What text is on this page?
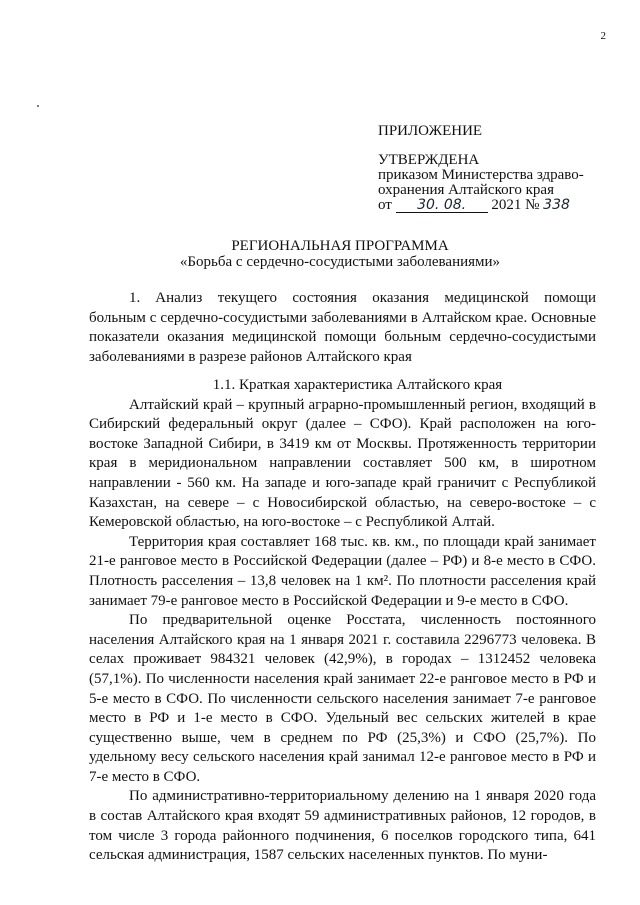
2
ПРИЛОЖЕНИЕ
УТВЕРЖДЕНА
приказом Министерства здраво-
охранения Алтайского края
от 30. 08. 2021 № 338
РЕГИОНАЛЬНАЯ ПРОГРАММА
«Борьба с сердечно-сосудистыми заболеваниями»

1. Анализ текущего состояния оказания медицинской помощи больным с сердечно-сосудистыми заболеваниями в Алтайском крае. Основные показатели оказания медицинской помощи больным сердечно-сосудистыми заболеваниями в разрезе районов Алтайского края

1.1. Краткая характеристика Алтайского края

Алтайский край – крупный аграрно-промышленный регион, входящий в Сибирский федеральный округ (далее – СФО). Край расположен на юго-востоке Западной Сибири, в 3419 км от Москвы. Протяженность территории края в меридиональном направлении составляет 500 км, в широтном направлении - 560 км. На западе и юго-западе край граничит с Республикой Казахстан, на севере – с Новосибирской областью, на северо-востоке – с Кемеровской областью, на юго-востоке – с Республикой Алтай.

Территория края составляет 168 тыс. кв. км., по площади край занимает 21-е ранговое место в Российской Федерации (далее – РФ) и 8-е место в СФО. Плотность расселения – 13,8 человек на 1 км². По плотности расселения край занимает 79-е ранговое место в Российской Федерации и 9-е место в СФО.

По предварительной оценке Росстата, численность постоянного населения Алтайского края на 1 января 2021 г. составила 2296773 человека. В селах проживает 984321 человек (42,9%), в городах – 1312452 человека (57,1%). По численности населения край занимает 22-е ранговое место в РФ и 5-е место в СФО. По численности сельского населения занимает 7-е ранговое место в РФ и 1-е место в СФО. Удельный вес сельских жителей в крае существенно выше, чем в среднем по РФ (25,3%) и СФО (25,7%). По удельному весу сельского населения край занимал 12-е ранговое место в РФ и 7-е место в СФО.

По административно-территориальному делению на 1 января 2020 года в состав Алтайского края входят 59 административных районов, 12 городов, в том числе 3 города районного подчинения, 6 поселков городского типа, 641 сельская администрация, 1587 сельских населенных пунктов. По муни-
